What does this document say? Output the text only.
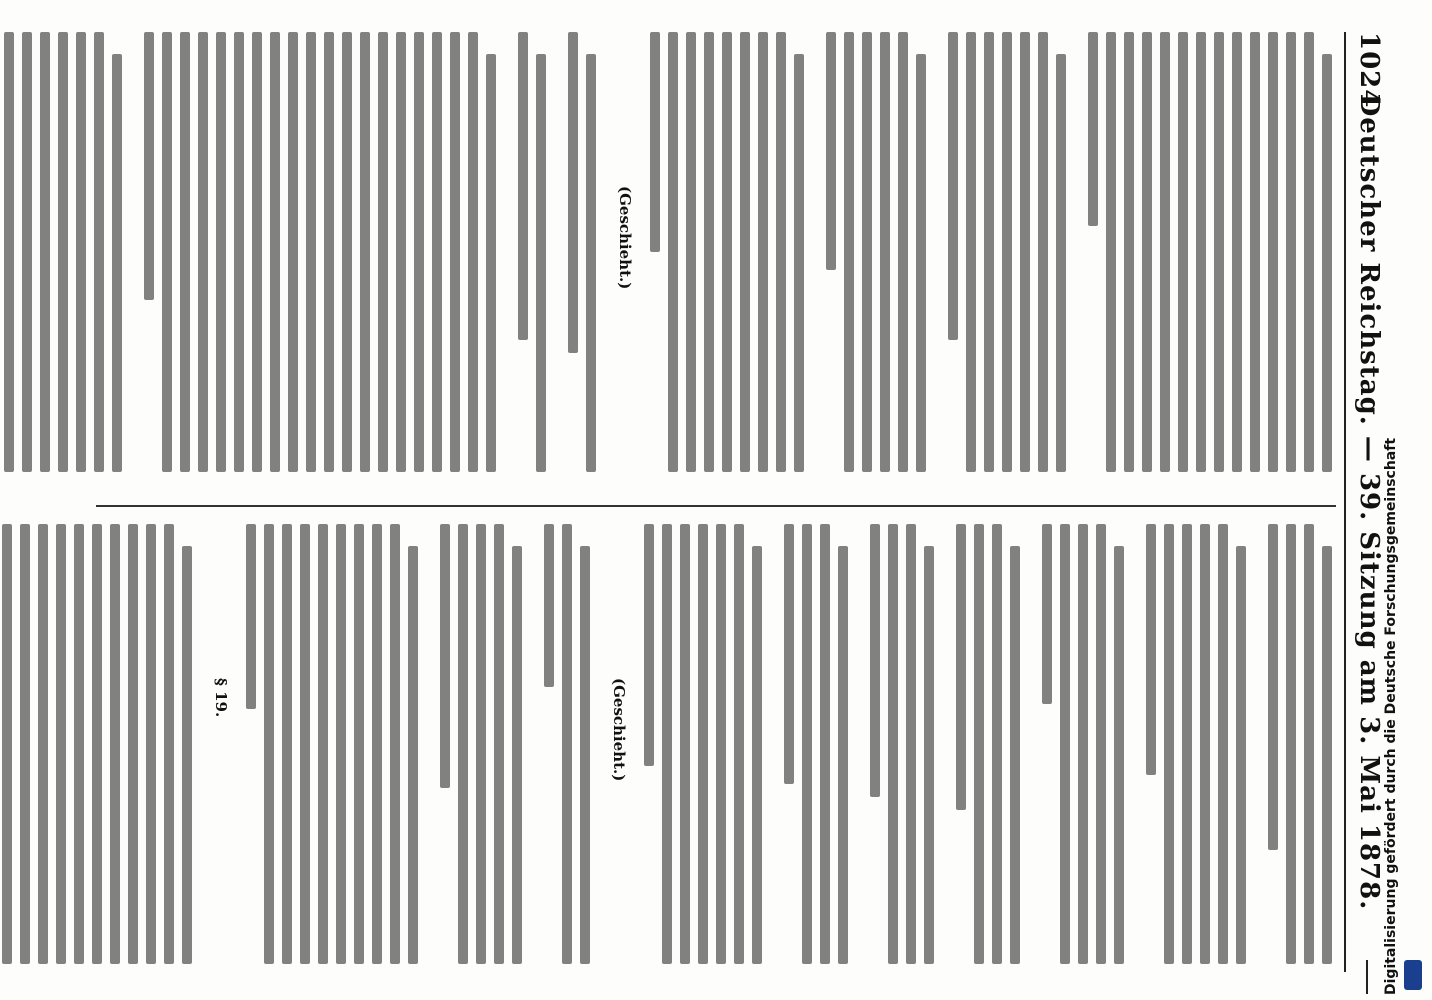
1024
Deutscher Reichstag. — 39. Sitzung am 3. Mai 1878.
(Geschieht.)
(Geschieht.)
§ 19.	Digitalisierung gefördert durch die Deutsche Forschungsgemeinschaft
